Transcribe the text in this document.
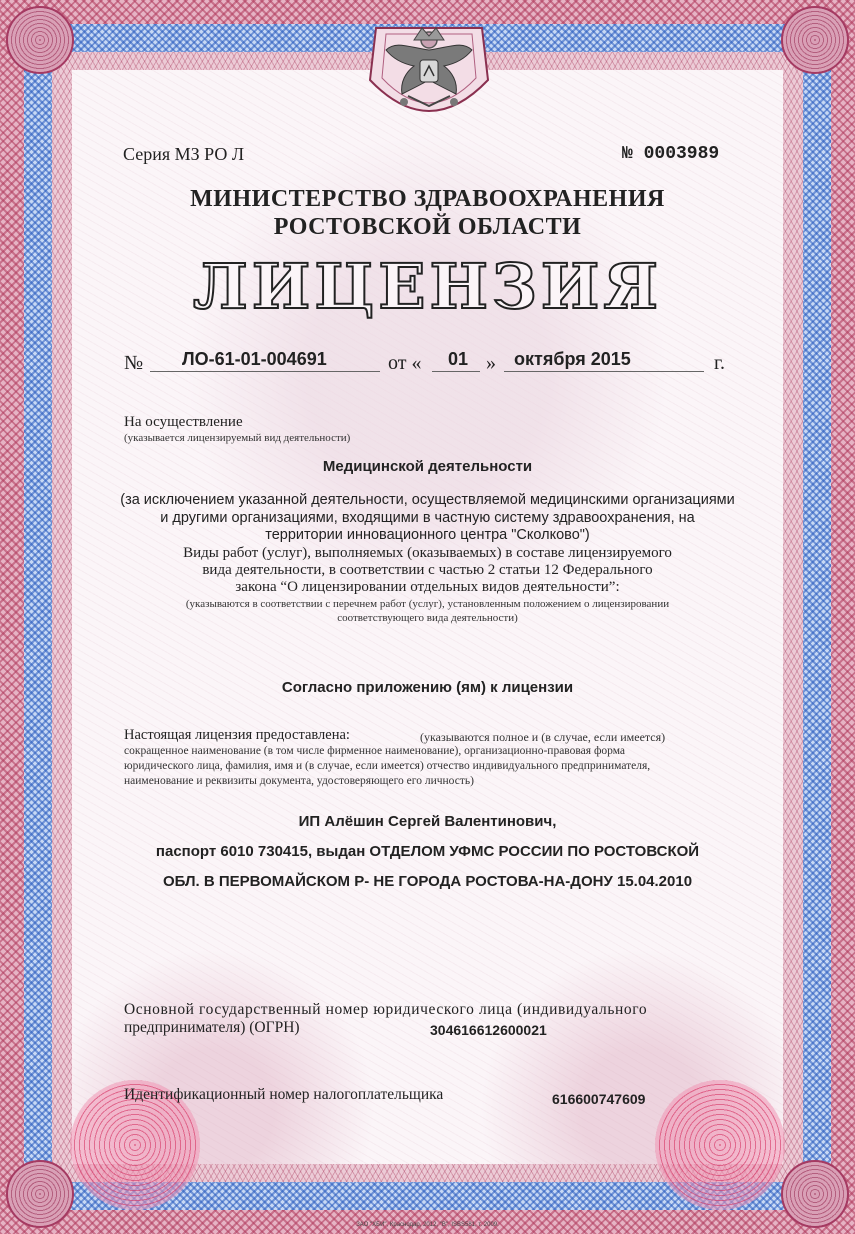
Серия МЗ РО Л	№ 0003989
МИНИСТЕРСТВО ЗДРАВООХРАНЕНИЯ
РОСТОВСКОЙ ОБЛАСТИ
ЛИЦЕНЗИЯ
№ ЛО-61-01-004691	от « 01 » октября 2015	г.
На осуществление
(указывается лицензируемый вид деятельности)
Медицинской деятельности
(за исключением указанной деятельности, осуществляемой медицинскими организациями
и другими организациями, входящими в частную систему здравоохранения, на
территории инновационного центра "Сколково")
Виды работ (услуг), выполняемых (оказываемых) в составе лицензируемого
вида деятельности, в соответствии с частью 2 статьи 12 Федерального
закона “О лицензировании отдельных видов деятельности”:
(указываются в соответствии с перечнем работ (услуг), установленным положением о лицензировании
соответствующего вида деятельности)
Согласно приложению (ям) к лицензии
Настоящая лицензия предоставлена:	(указываются полное и (в случае, если имеется)
сокращенное наименование (в том числе фирменное наименование), организационно-правовая форма
юридического лица, фамилия, имя и (в случае, если имеется) отчество индивидуального предпринимателя,
наименование и реквизиты документа, удостоверяющего его личность)
ИП Алёшин Сергей Валентинович,
паспорт 6010 730415, выдан ОТДЕЛОМ УФМС РОССИИ ПО РОСТОВСКОЙ
ОБЛ. В ПЕРВОМАЙСКОМ Р- НЕ ГОРОДА РОСТОВА-НА-ДОНУ 15.04.2010
Основной государственный номер юридического лица (индивидуального
предпринимателя) (ОГРН)	304616612600021
Идентификационный номер налогоплательщика	616600747609
ЗАО "ХБИ", Краснодар, 2012, "В", ISBS581, т. 2009.
